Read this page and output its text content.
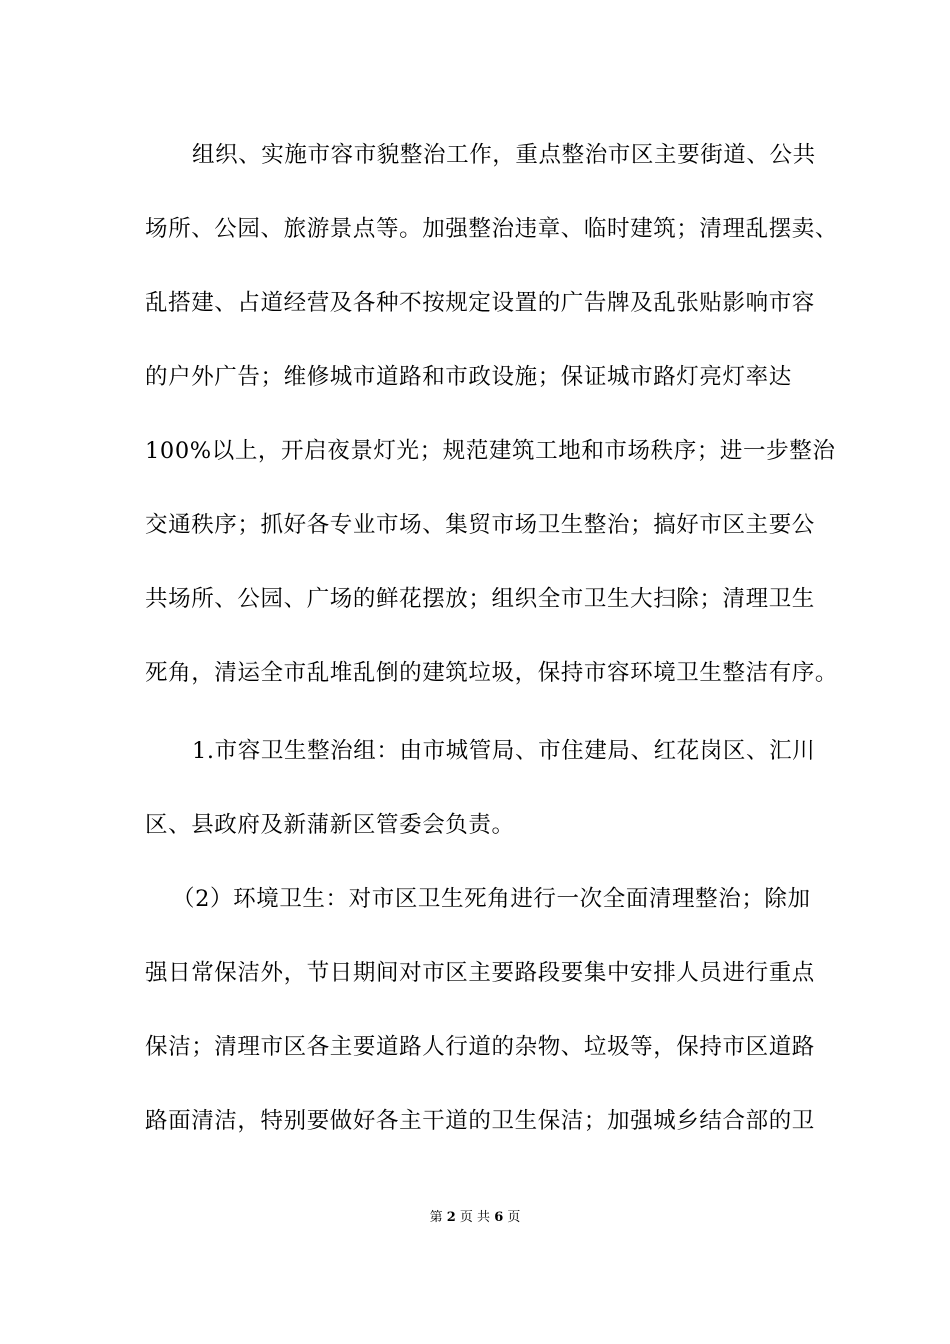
组织、实施市容市貌整治工作，重点整治市区主要街道、公共
场所、公园、旅游景点等。加强整治违章、临时建筑；清理乱摆卖、
乱搭建、占道经营及各种不按规定设置的广告牌及乱张贴影响市容
的户外广告；维修城市道路和市政设施；保证城市路灯亮灯率达
100%以上，开启夜景灯光；规范建筑工地和市场秩序；进一步整治
交通秩序；抓好各专业市场、集贸市场卫生整治；搞好市区主要公
共场所、公园、广场的鲜花摆放；组织全市卫生大扫除；清理卫生
死角，清运全市乱堆乱倒的建筑垃圾，保持市容环境卫生整洁有序。
1.市容卫生整治组：由市城管局、市住建局、红花岗区、汇川
区、县政府及新蒲新区管委会负责。
（2）环境卫生：对市区卫生死角进行一次全面清理整治；除加
强日常保洁外，节日期间对市区主要路段要集中安排人员进行重点
保洁；清理市区各主要道路人行道的杂物、垃圾等，保持市区道路
路面清洁，特别要做好各主干道的卫生保洁；加强城乡结合部的卫
第 2 页 共 6 页
